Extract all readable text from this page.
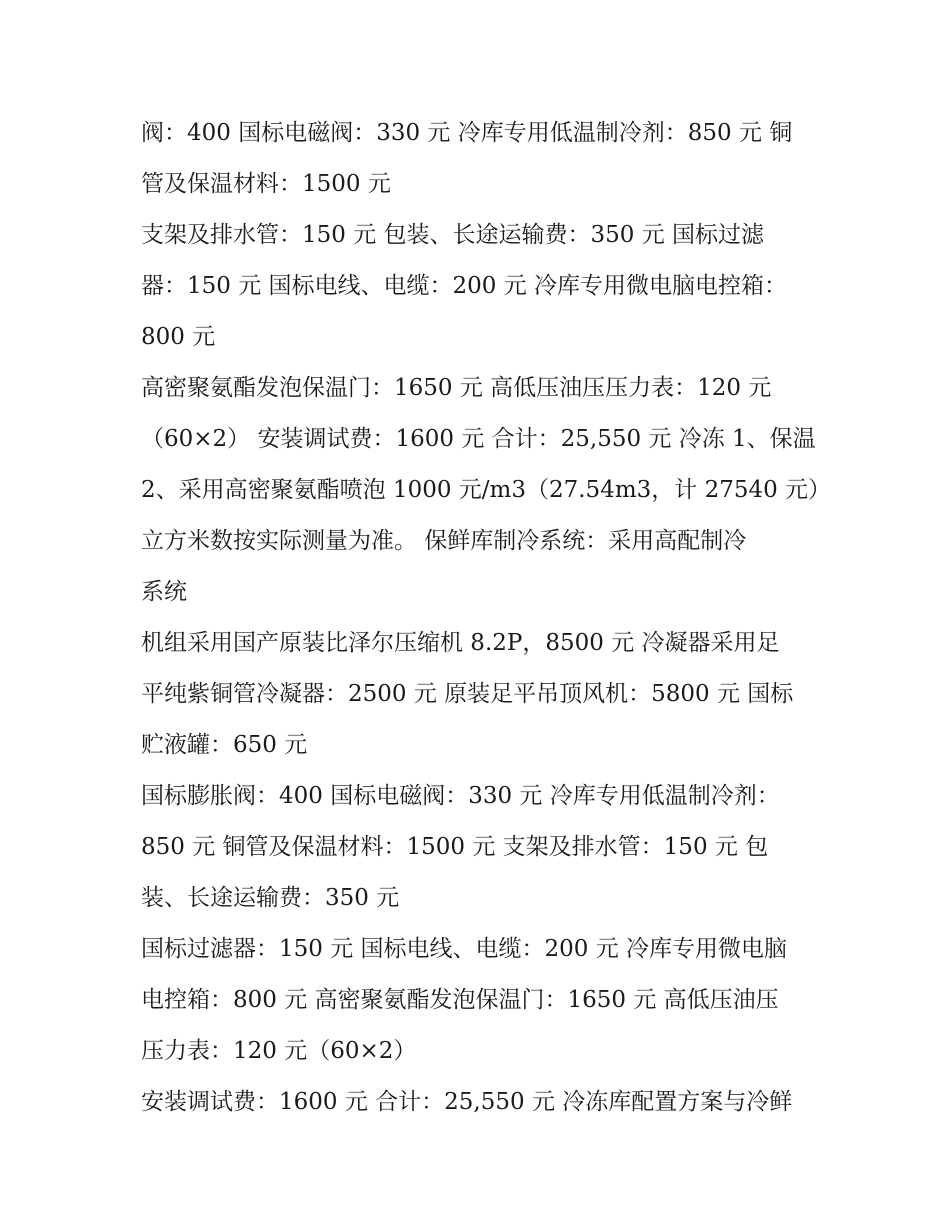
阀：400 国标电磁阀：330 元 冷库专用低温制冷剂：850 元 铜
管及保温材料：1500 元
支架及排水管：150 元 包装、长途运输费：350 元 国标过滤
器：150 元 国标电线、电缆：200 元 冷库专用微电脑电控箱：
800 元
高密聚氨酯发泡保温门：1650 元 高低压油压压力表：120 元
（60×2） 安装调试费：1600 元 合计：25,550 元 冷冻 1、保温
2、采用高密聚氨酯喷泡 1000 元/m3（27.54m3，计 27540 元）
立方米数按实际测量为准。 保鲜库制冷系统：采用高配制冷
系统
机组采用国产原装比泽尔压缩机 8.2P，8500 元 冷凝器采用足
平纯紫铜管冷凝器：2500 元 原装足平吊顶风机：5800 元 国标
贮液罐：650 元
国标膨胀阀：400 国标电磁阀：330 元 冷库专用低温制冷剂：
850 元 铜管及保温材料：1500 元 支架及排水管：150 元 包
装、长途运输费：350 元
国标过滤器：150 元 国标电线、电缆：200 元 冷库专用微电脑
电控箱：800 元 高密聚氨酯发泡保温门：1650 元 高低压油压
压力表：120 元（60×2）
安装调试费：1600 元 合计：25,550 元 冷冻库配置方案与冷鲜
